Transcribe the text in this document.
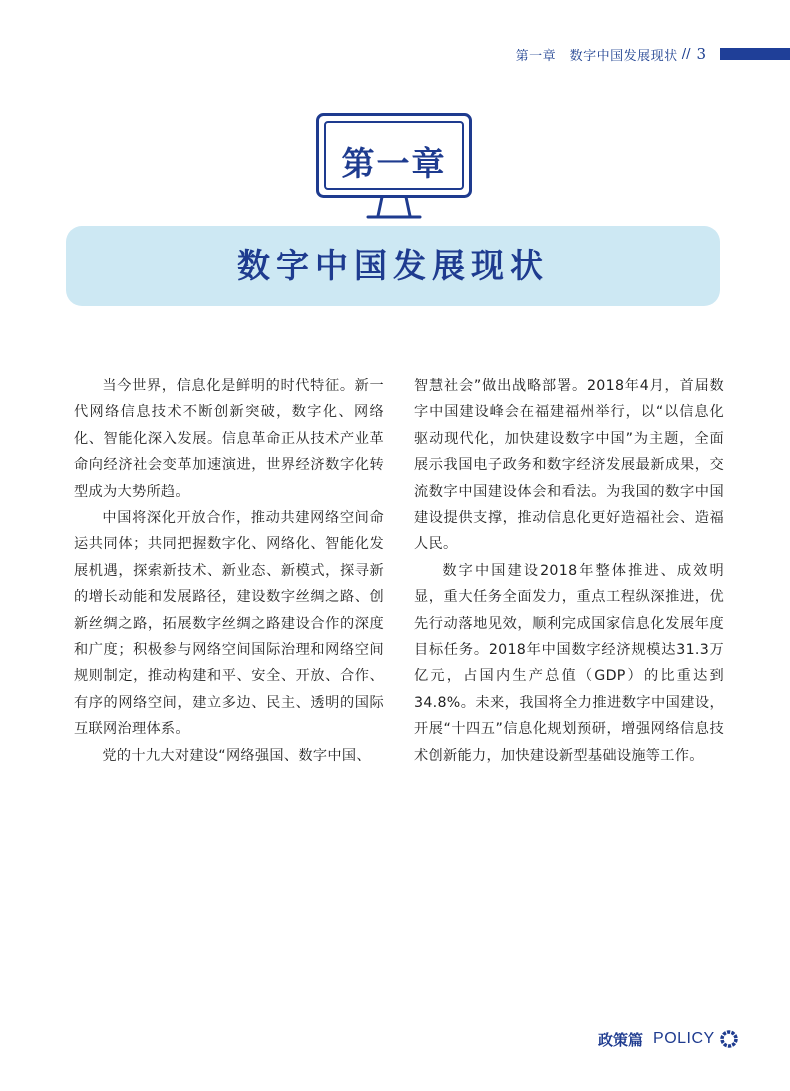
第一章　数字中国发展现状 // 3
第一章
数字中国发展现状

当今世界，信息化是鲜明的时代特征。新一代网络信息技术不断创新突破，数字化、网络化、智能化深入发展。信息革命正从技术产业革命向经济社会变革加速演进，世界经济数字化转型成为大势所趋。

中国将深化开放合作，推动共建网络空间命运共同体；共同把握数字化、网络化、智能化发展机遇，探索新技术、新业态、新模式，探寻新的增长动能和发展路径，建设数字丝绸之路、创新丝绸之路，拓展数字丝绸之路建设合作的深度和广度；积极参与网络空间国际治理和网络空间规则制定，推动构建和平、安全、开放、合作、有序的网络空间，建立多边、民主、透明的国际互联网治理体系。

党的十九大对建设“网络强国、数字中国、

智慧社会”做出战略部署。2018年4月，首届数字中国建设峰会在福建福州举行，以“以信息化驱动现代化，加快建设数字中国”为主题，全面展示我国电子政务和数字经济发展最新成果，交流数字中国建设体会和看法。为我国的数字中国建设提供支撑，推动信息化更好造福社会、造福人民。

数字中国建设2018年整体推进、成效明显，重大任务全面发力，重点工程纵深推进，优先行动落地见效，顺利完成国家信息化发展年度目标任务。2018年中国数字经济规模达31.3万亿元，占国内生产总值（GDP）的比重达到34.8%。未来，我国将全力推进数字中国建设，开展“十四五”信息化规划预研，增强网络信息技术创新能力，加快建设新型基础设施等工作。

政策篇 POLICY
